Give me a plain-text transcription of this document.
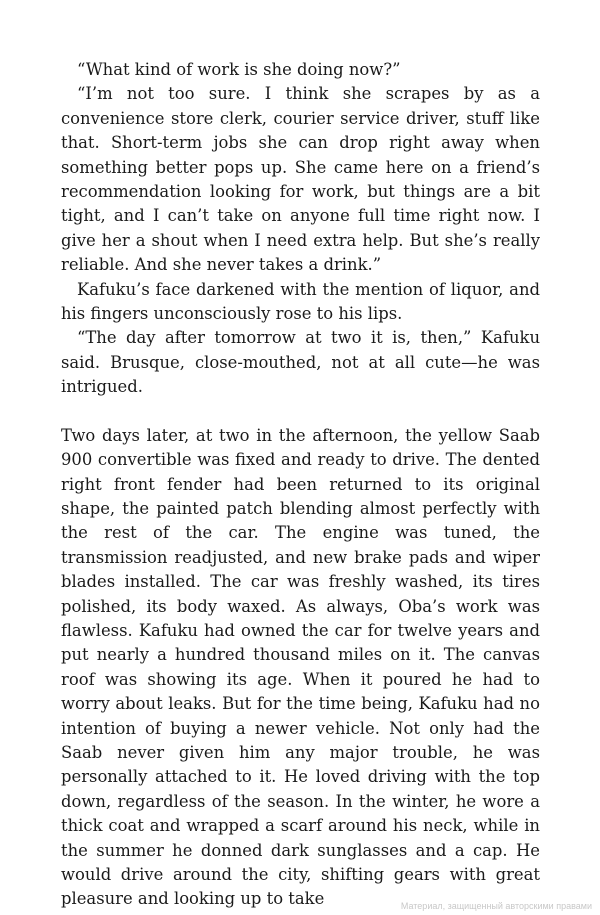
“What kind of work is she doing now?”

“I’m not too sure. I think she scrapes by as a convenience store clerk, courier service driver, stuff like that. Short-term jobs she can drop right away when something better pops up. She came here on a friend’s recommendation looking for work, but things are a bit tight, and I can’t take on anyone full time right now. I give her a shout when I need extra help. But she’s really reliable. And she never takes a drink.”

Kafuku’s face darkened with the mention of liquor, and his fingers unconsciously rose to his lips.

“The day after tomorrow at two it is, then,” Kafuku said. Brusque, close-mouthed, not at all cute—he was intrigued.

Two days later, at two in the afternoon, the yellow Saab 900 convertible was fixed and ready to drive. The dented right front fender had been returned to its original shape, the painted patch blending almost perfectly with the rest of the car. The engine was tuned, the transmission readjusted, and new brake pads and wiper blades installed. The car was freshly washed, its tires polished, its body waxed. As always, Oba’s work was flawless. Kafuku had owned the car for twelve years and put nearly a hundred thousand miles on it. The canvas roof was showing its age. When it poured he had to worry about leaks. But for the time being, Kafuku had no intention of buying a newer vehicle. Not only had the Saab never given him any major trouble, he was personally attached to it. He loved driving with the top down, regardless of the season. In the winter, he wore a thick coat and wrapped a scarf around his neck, while in the summer he donned dark sunglasses and a cap. He would drive around the city, shifting gears with great pleasure and looking up to take	Материал, защищенный авторскими правами
